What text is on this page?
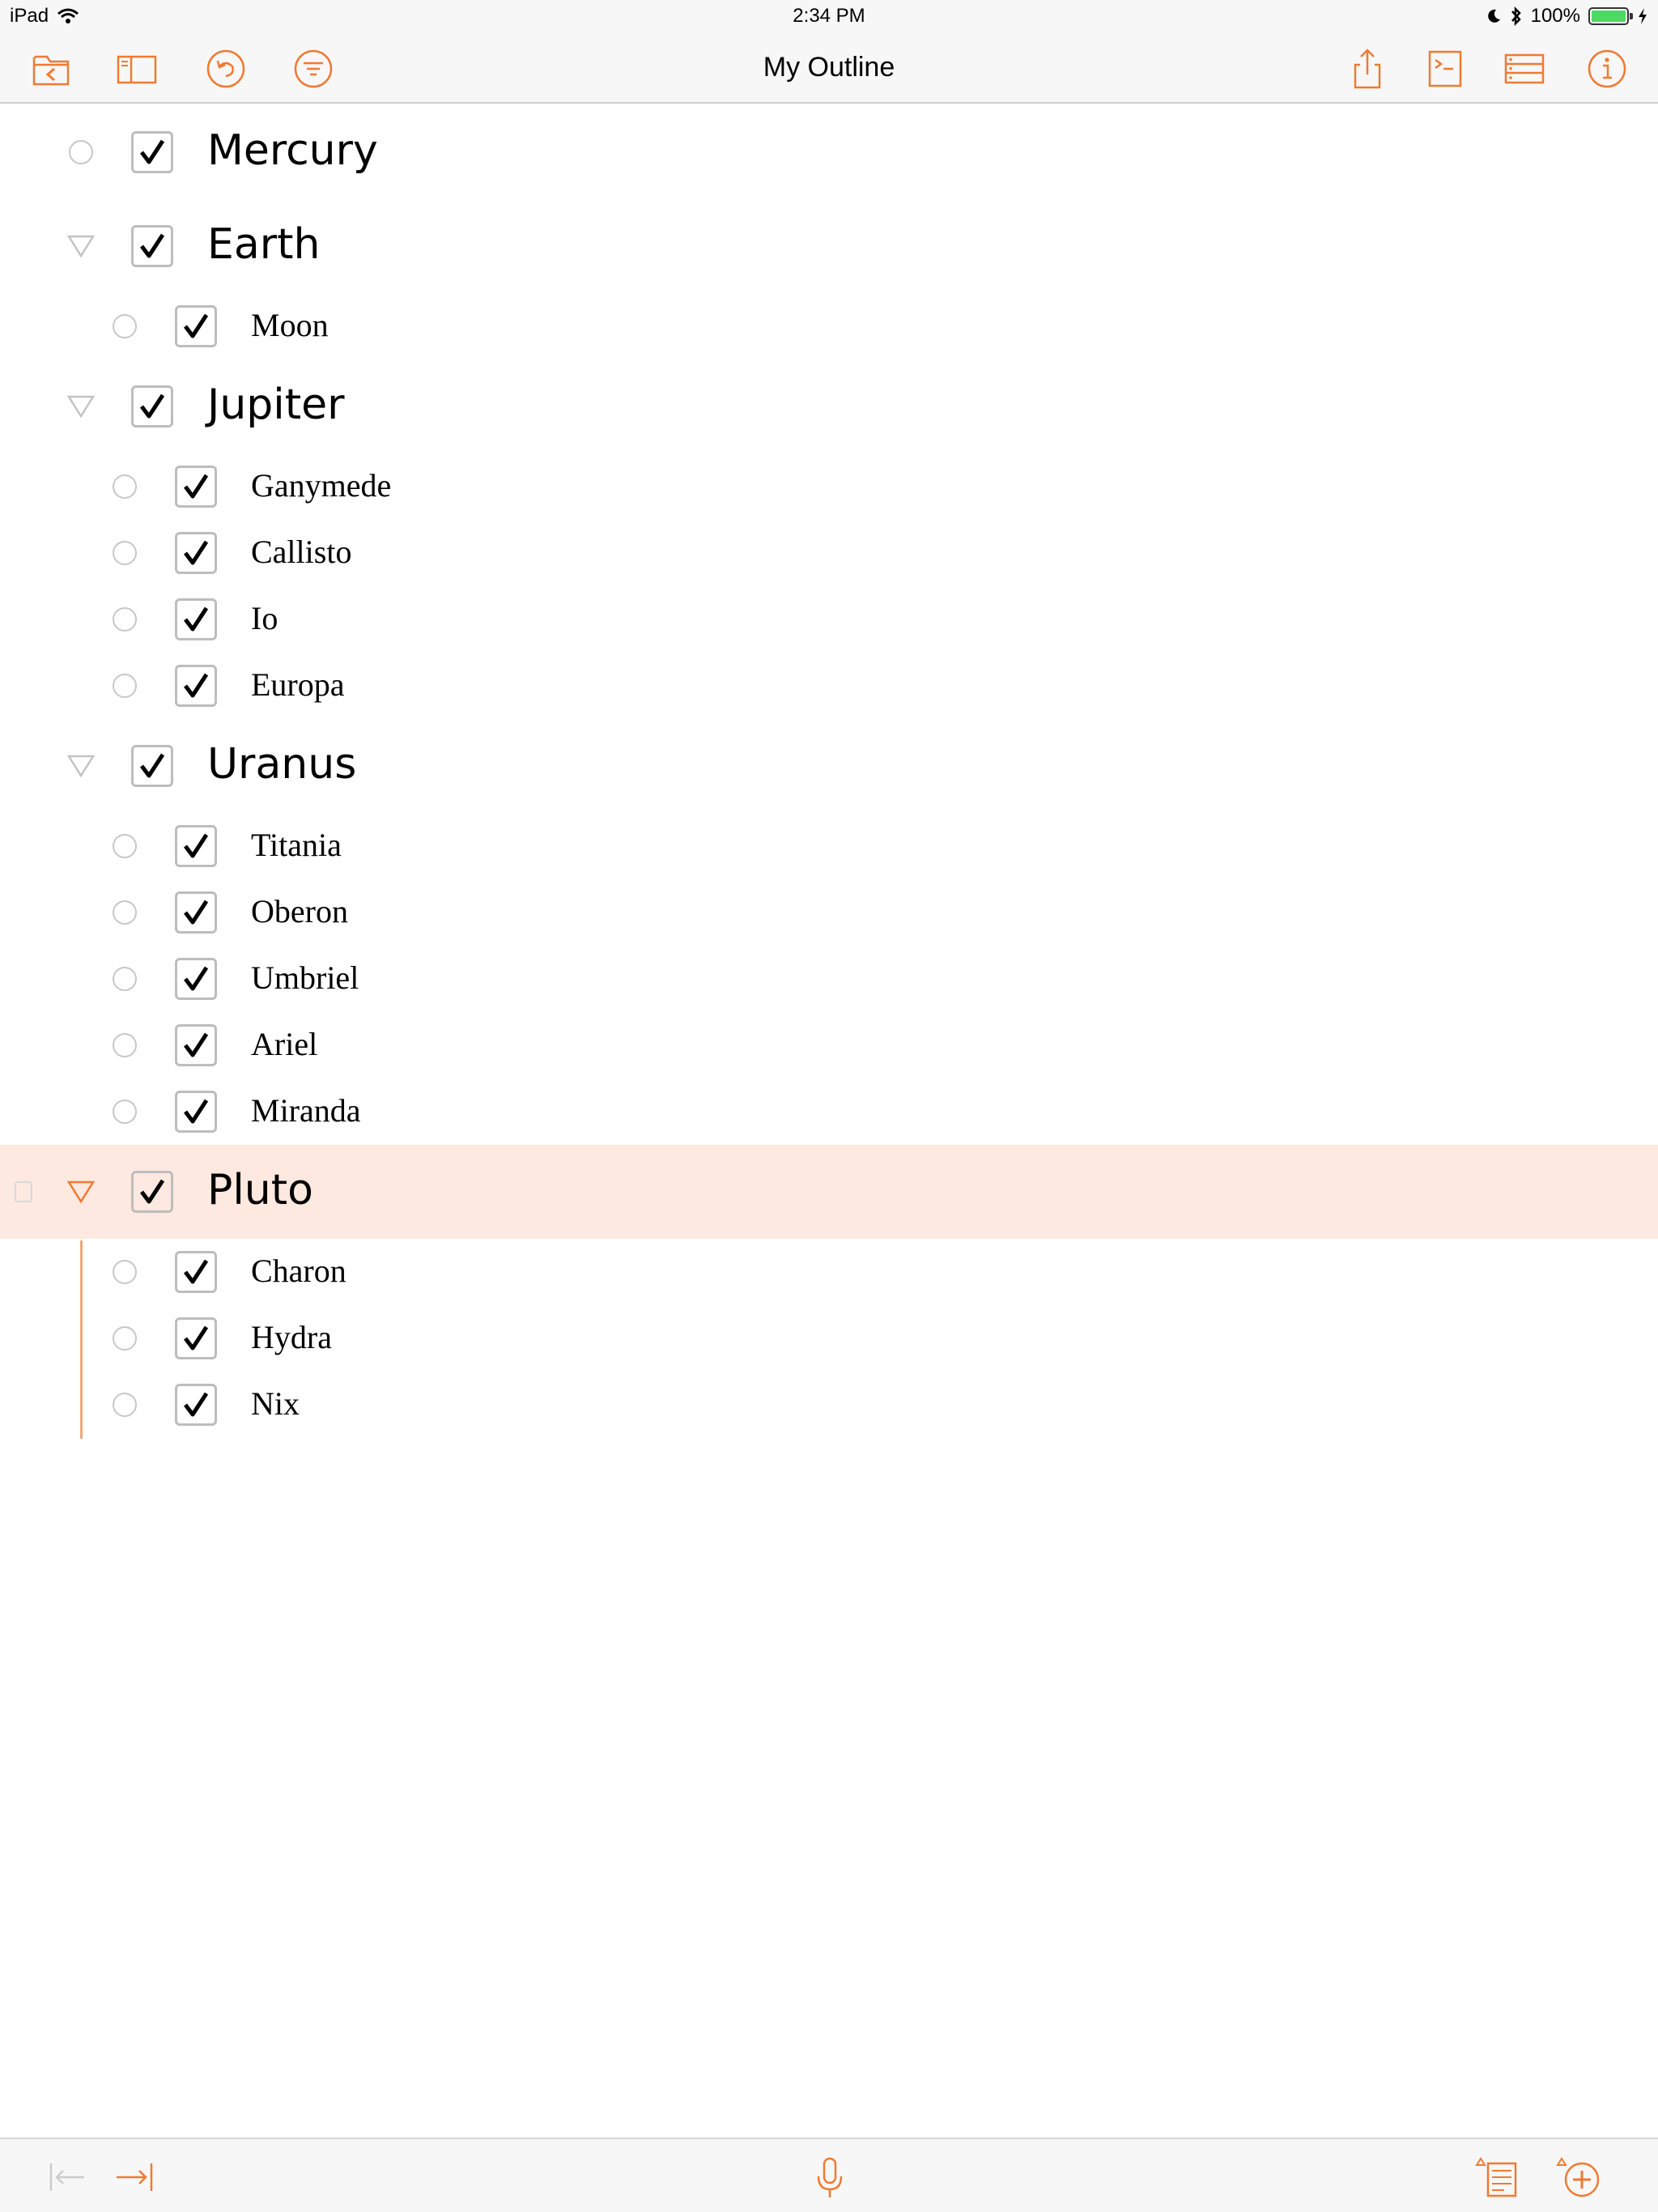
iPad	2:34 PM	100%
My Outline
Mercury
Earth
Moon
Jupiter
Ganymede
Callisto
Io
Europa
Uranus
Titania
Oberon
Umbriel
Ariel
Miranda
Pluto
Charon
Hydra
Nix
